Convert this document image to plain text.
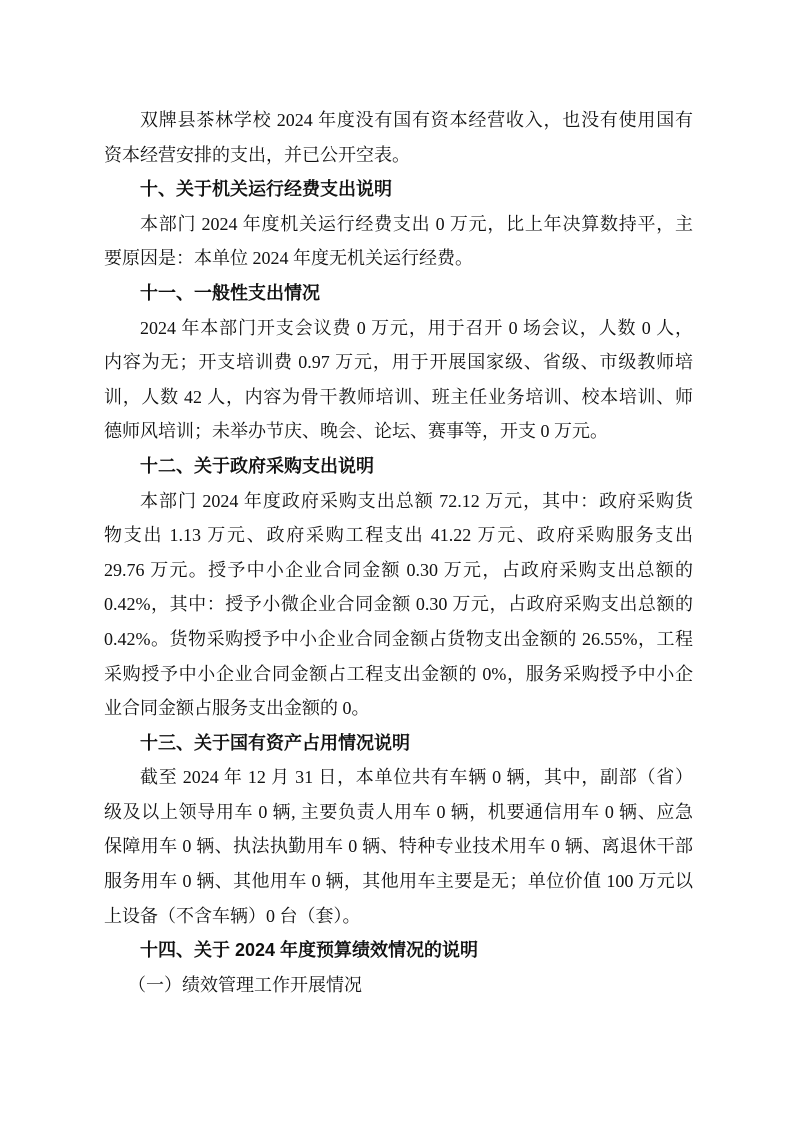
双牌县茶林学校 2024 年度没有国有资本经营收入，也没有使用国有
资本经营安排的支出，并已公开空表。
十、关于机关运行经费支出说明
本部门 2024 年度机关运行经费支出 0 万元，比上年决算数持平，主
要原因是：本单位 2024 年度无机关运行经费。
十一、一般性支出情况
2024 年本部门开支会议费 0 万元，用于召开 0 场会议，人数 0 人，
内容为无；开支培训费 0.97 万元，用于开展国家级、省级、市级教师培
训，人数 42 人，内容为骨干教师培训、班主任业务培训、校本培训、师
德师风培训；未举办节庆、晚会、论坛、赛事等，开支 0 万元。
十二、关于政府采购支出说明
本部门 2024 年度政府采购支出总额 72.12 万元，其中：政府采购货
物支出 1.13 万元、政府采购工程支出 41.22 万元、政府采购服务支出
29.76 万元。授予中小企业合同金额 0.30 万元，占政府采购支出总额的
0.42%，其中：授予小微企业合同金额 0.30 万元，占政府采购支出总额的
0.42%。货物采购授予中小企业合同金额占货物支出金额的 26.55%，工程
采购授予中小企业合同金额占工程支出金额的 0%，服务采购授予中小企
业合同金额占服务支出金额的 0。
十三、关于国有资产占用情况说明
截至 2024 年 12 月 31 日，本单位共有车辆 0 辆，其中，副部（省）
级及以上领导用车 0 辆, 主要负责人用车 0 辆，机要通信用车 0 辆、应急
保障用车 0 辆、执法执勤用车 0 辆、特种专业技术用车 0 辆、离退休干部
服务用车 0 辆、其他用车 0 辆，其他用车主要是无；单位价值 100 万元以
上设备（不含车辆）0 台（套）。
十四、关于 2024 年度预算绩效情况的说明
（一）绩效管理工作开展情况
